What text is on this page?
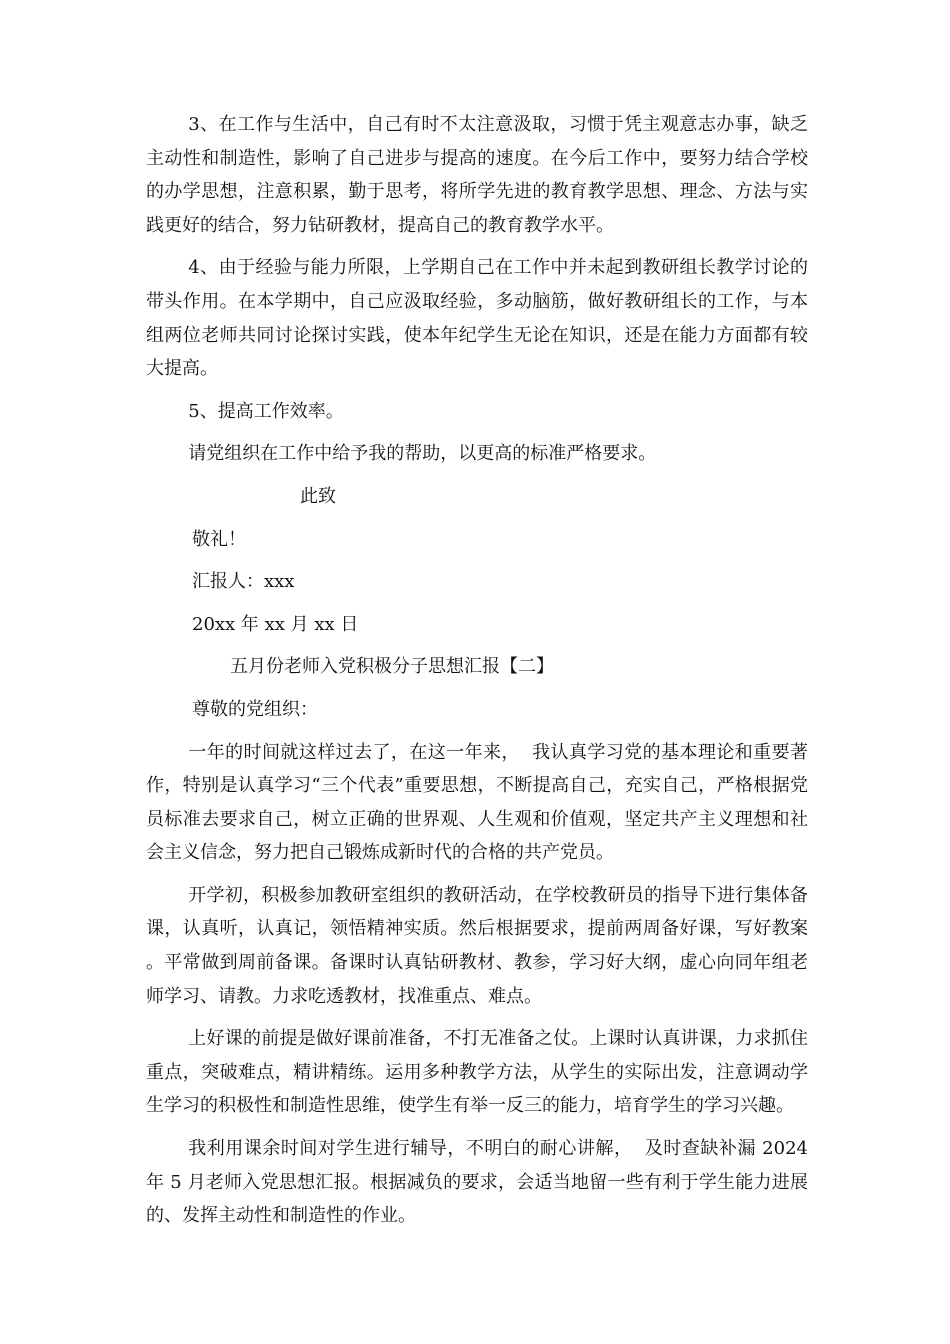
3、在工作与生活中，自己有时不太注意汲取，习惯于凭主观意志办事，缺乏主动性和制造性，影响了自己进步与提高的速度。在今后工作中，要努力结合学校的办学思想，注意积累，勤于思考，将所学先进的教育教学思想、理念、方法与实践更好的结合，努力钻研教材，提高自己的教育教学水平。

4、由于经验与能力所限，上学期自己在工作中并未起到教研组长教学讨论的带头作用。在本学期中，自己应汲取经验，多动脑筋，做好教研组长的工作，与本组两位老师共同讨论探讨实践，使本年纪学生无论在知识，还是在能力方面都有较大提高。

5、提高工作效率。

请党组织在工作中给予我的帮助，以更高的标准严格要求。

此致

敬礼！

汇报人：xxx

20xx 年 xx 月 xx 日

五月份老师入党积极分子思想汇报【二】

尊敬的党组织：

一年的时间就这样过去了，在这一年来，  我认真学习党的基本理论和重要著作，特别是认真学习“三个代表”重要思想，不断提高自己，充实自己，严格根据党员标准去要求自己，树立正确的世界观、人生观和价值观，坚定共产主义理想和社会主义信念，努力把自己锻炼成新时代的合格的共产党员。

开学初，积极参加教研室组织的教研活动，在学校教研员的指导下进行集体备课，认真听，认真记，领悟精神实质。然后根据要求，提前两周备好课，写好教案 。平常做到周前备课。备课时认真钻研教材、教参，学习好大纲，虚心向同年组老师学习、请教。力求吃透教材，找准重点、难点。

上好课的前提是做好课前准备，不打无准备之仗。上课时认真讲课，力求抓住重点，突破难点，精讲精练。运用多种教学方法，从学生的实际出发，注意调动学生学习的积极性和制造性思维，使学生有举一反三的能力，培育学生的学习兴趣。

我利用课余时间对学生进行辅导，不明白的耐心讲解，  及时查缺补漏 2024 年 5 月老师入党思想汇报。根据减负的要求，会适当地留一些有利于学生能力进展的、发挥主动性和制造性的作业。
